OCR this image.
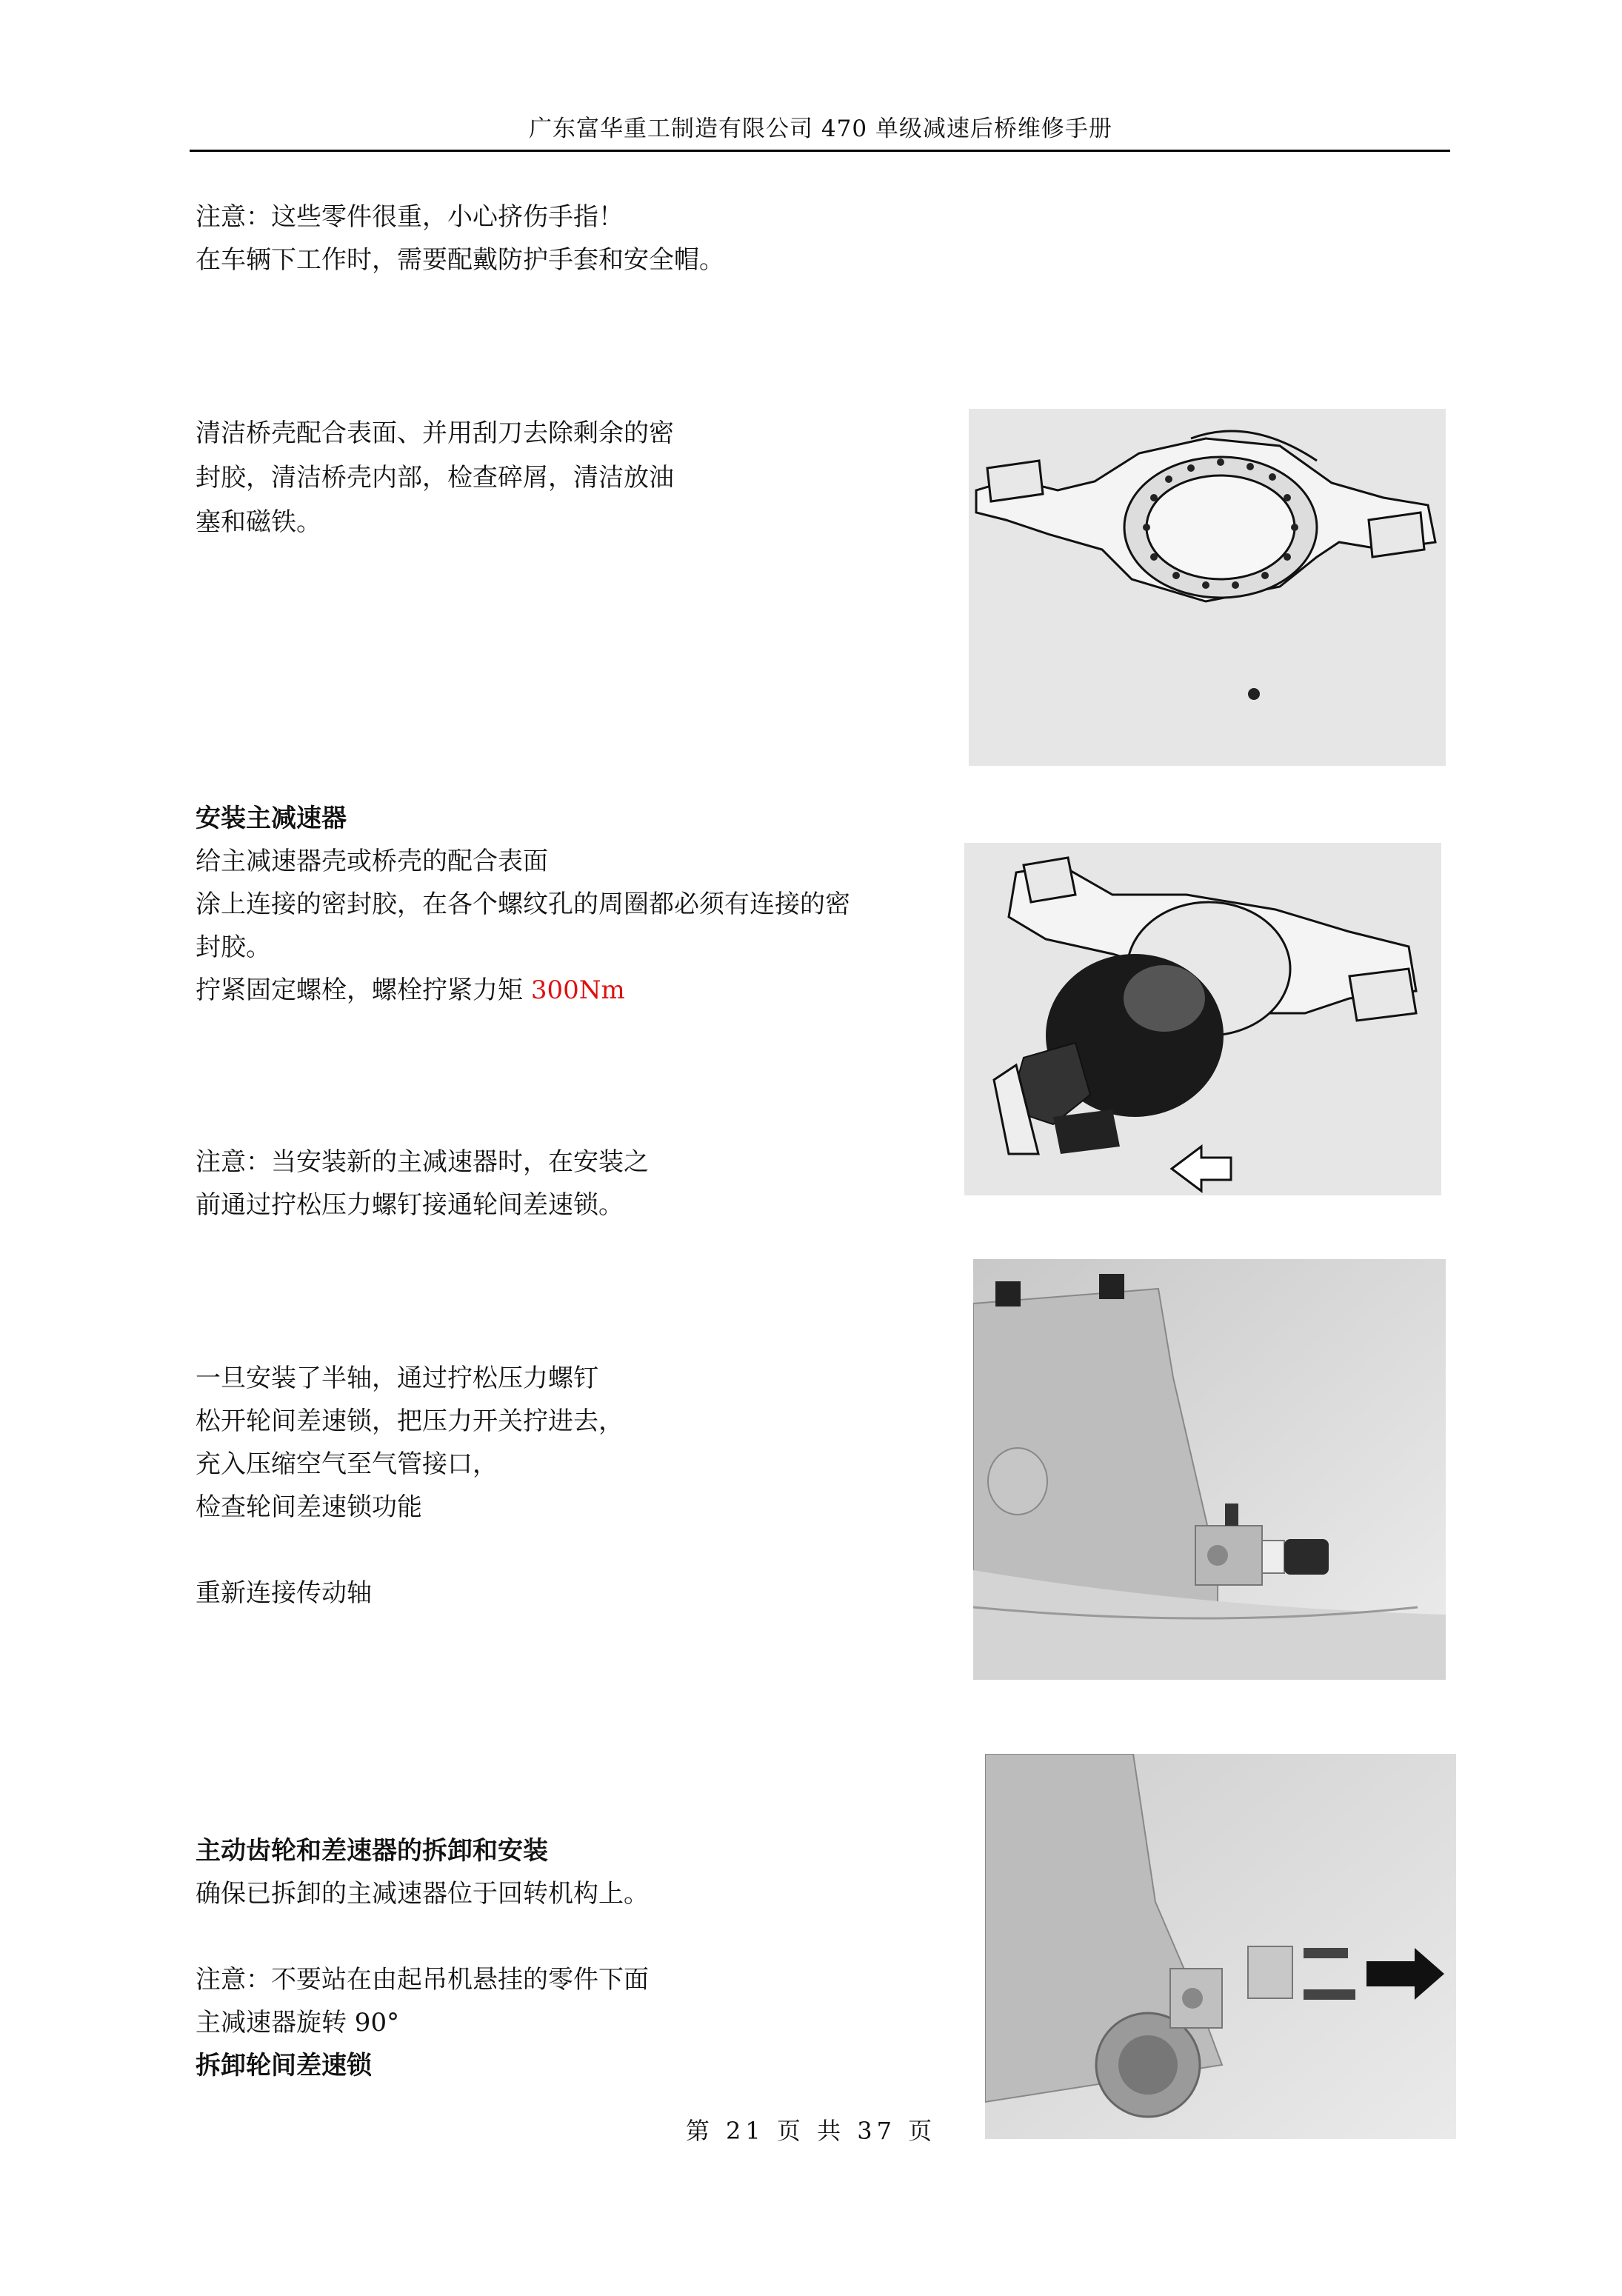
广东富华重工制造有限公司 470 单级减速后桥维修手册
注意：这些零件很重，小心挤伤手指！
在车辆下工作时，需要配戴防护手套和安全帽。
清洁桥壳配合表面、并用刮刀去除剩余的密
封胶，清洁桥壳内部，检查碎屑，清洁放油
塞和磁铁。
安装主减速器
给主减速器壳或桥壳的配合表面
涂上连接的密封胶，在各个螺纹孔的周圈都必须有连接的密
封胶。
拧紧固定螺栓，螺栓拧紧力矩 300Nm
注意：当安装新的主减速器时，在安装之
前通过拧松压力螺钉接通轮间差速锁。
一旦安装了半轴，通过拧松压力螺钉
松开轮间差速锁，把压力开关拧进去，
充入压缩空气至气管接口，
检查轮间差速锁功能
重新连接传动轴
主动齿轮和差速器的拆卸和安装
确保已拆卸的主减速器位于回转机构上。
注意：不要站在由起吊机悬挂的零件下面
主减速器旋转 90°
拆卸轮间差速锁
第 21 页 共 37 页
